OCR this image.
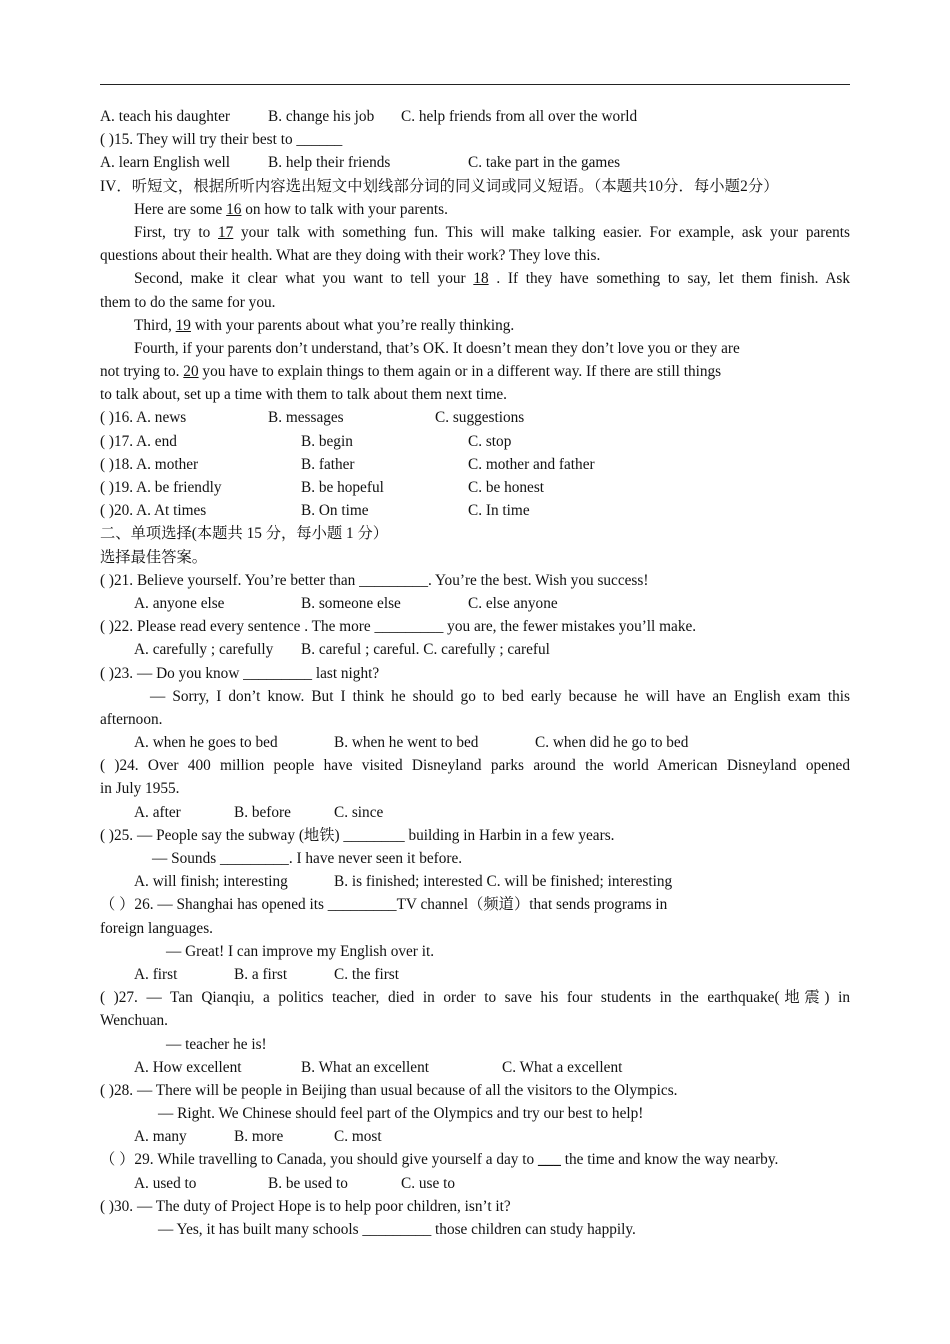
A. teach his daughter B. change his job C. help friends from all over the world
( )15. They will try their best to ______
A. learn English well B. help their friends	C. take part in the games
IV．听短文，根据所听内容选出短文中划线部分词的同义词或同义短语。（本题共10分．每小题2分）
Here are some 16 on how to talk with your parents.
First, try to 17 your talk with something fun. This will make talking easier. For example, ask your parents
questions about their health. What are they doing with their work? They love this.
Second, make it clear what you want to tell your 18 . If they have something to say, let them finish. Ask
them to do the same for you.
Third, 19 with your parents about what you’re really thinking.
Fourth, if your parents don’t understand, that’s OK. It doesn’t mean they don’t love you or they are
not trying to. 20 you have to explain things to them again or in a different way. If there are still things
to talk about, set up a time with them to talk about them next time.
( )16. A. news	B. messages	C. suggestions
( )17. A. end	B. begin	C. stop
( )18. A. mother	B. father	C. mother and father
( )19. A. be friendly	B. be hopeful	C. be honest
( )20. A. At times	B. On time	C. In time
二、单项选择(本题共 15 分，每小题 1 分）
选择最佳答案。
( )21. Believe yourself. You’re better than _________. You’re the best. Wish you success!
A. anyone else	B. someone else	C. else anyone
( )22. Please read every sentence . The more _________ you are, the fewer mistakes you’ll make.
A. carefully ; carefully B. careful ; careful. C. carefully ; careful
( )23. — Do you know _________ last night?
— Sorry, I don’t know. But I think he should go to bed early because he will have an English exam this
afternoon.
A. when he goes to bed	B. when he went to bed	C. when did he go to bed
( )24. Over 400 million people have visited Disneyland parks around the world American Disneyland opened
in July 1955.
A. after	B. before	C. since
( )25. — People say the subway (地铁) ________ building in Harbin in a few years.
— Sounds _________. I have never seen it before.
A. will finish; interesting	B. is finished; interested C. will be finished; interesting
（ ）26. — Shanghai has opened its _________TV channel（频道）that sends programs in
foreign languages.
— Great! I can improve my English over it.
A. first	B. a first	C. the first
( )27. — Tan Qianqiu, a politics teacher, died in order to save his four students in the earthquake(地震) in
Wenchuan.
— teacher he is!
A. How excellent	B. What an excellent	C. What a excellent
( )28. — There will be people in Beijing than usual because of all the visitors to the Olympics.
— Right. We Chinese should feel part of the Olympics and try our best to help!
A. many	B. more	C. most
（ ）29. While travelling to Canada, you should give yourself a day to ___ the time and know the way nearby.
A. used to	B. be used to	C. use to
( )30. — The duty of Project Hope is to help poor children, isn’t it?
— Yes, it has built many schools _________ those children can study happily.
